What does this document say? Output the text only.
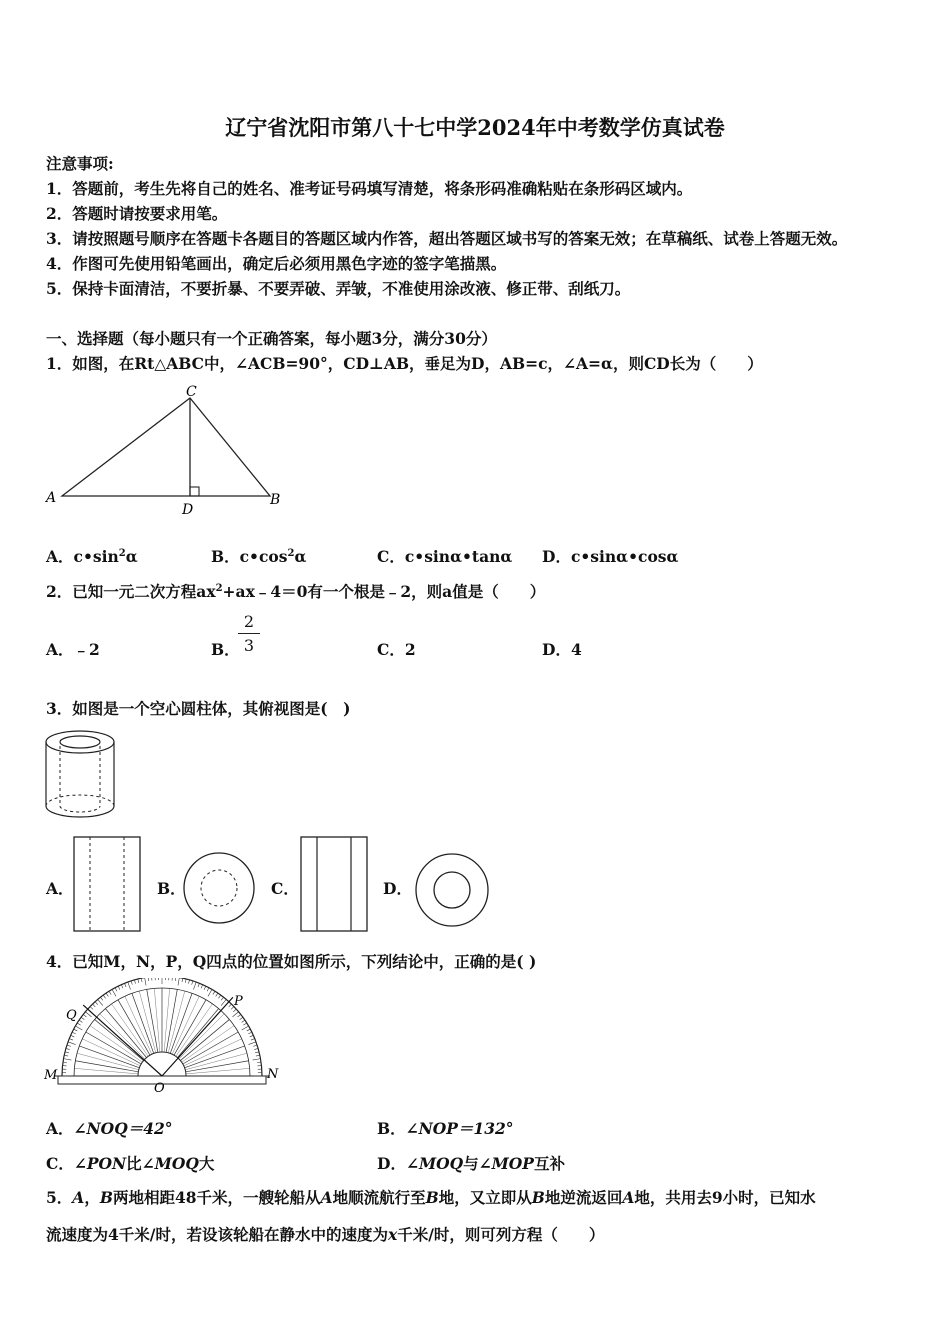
辽宁省沈阳市第八十七中学2024年中考数学仿真试卷
注意事项:
1．答题前，考生先将自己的姓名、准考证号码填写清楚，将条形码准确粘贴在条形码区域内。
2．答题时请按要求用笔。
3．请按照题号顺序在答题卡各题目的答题区域内作答，超出答题区域书写的答案无效；在草稿纸、试卷上答题无效。
4．作图可先使用铅笔画出，确定后必须用黑色字迹的签字笔描黑。
5．保持卡面清洁，不要折暴、不要弄破、弄皱，不准使用涂改液、修正带、刮纸刀。
一、选择题（每小题只有一个正确答案，每小题3分，满分30分）
1．如图，在Rt△ABC中，∠ACB=90°，CD⊥AB，垂足为D，AB=c，∠A=α，则CD长为（　　）
A
C
B
D
A．$c•\sin^2\alpha$	B．$c•\cos^2\alpha$	C．c•sinα•tanα D．c•sinα•cosα
2．已知一元二次方程$ax^2+ax﹣4=0$有一个根是﹣2，则a值是（　　）
A．﹣2	B．
2
3	C．2	D．4
3．如图是一个空心圆柱体，其俯视图是(　)
A．	B．	C．	D．
4．已知M，N，P，Q四点的位置如图所示，下列结论中，正确的是( )
M	N
P
Q
O
A．∠NOQ＝42°	B．∠NOP＝132°
C．∠PON比∠MOQ大	D．∠MOQ与∠MOP互补
5．A，B两地相距48千米，一艘轮船从A地顺流航行至B地，又立即从B地逆流返回A地，共用去9小时，已知水
流速度为4千米/时，若设该轮船在静水中的速度为x千米/时，则可列方程（　　）
